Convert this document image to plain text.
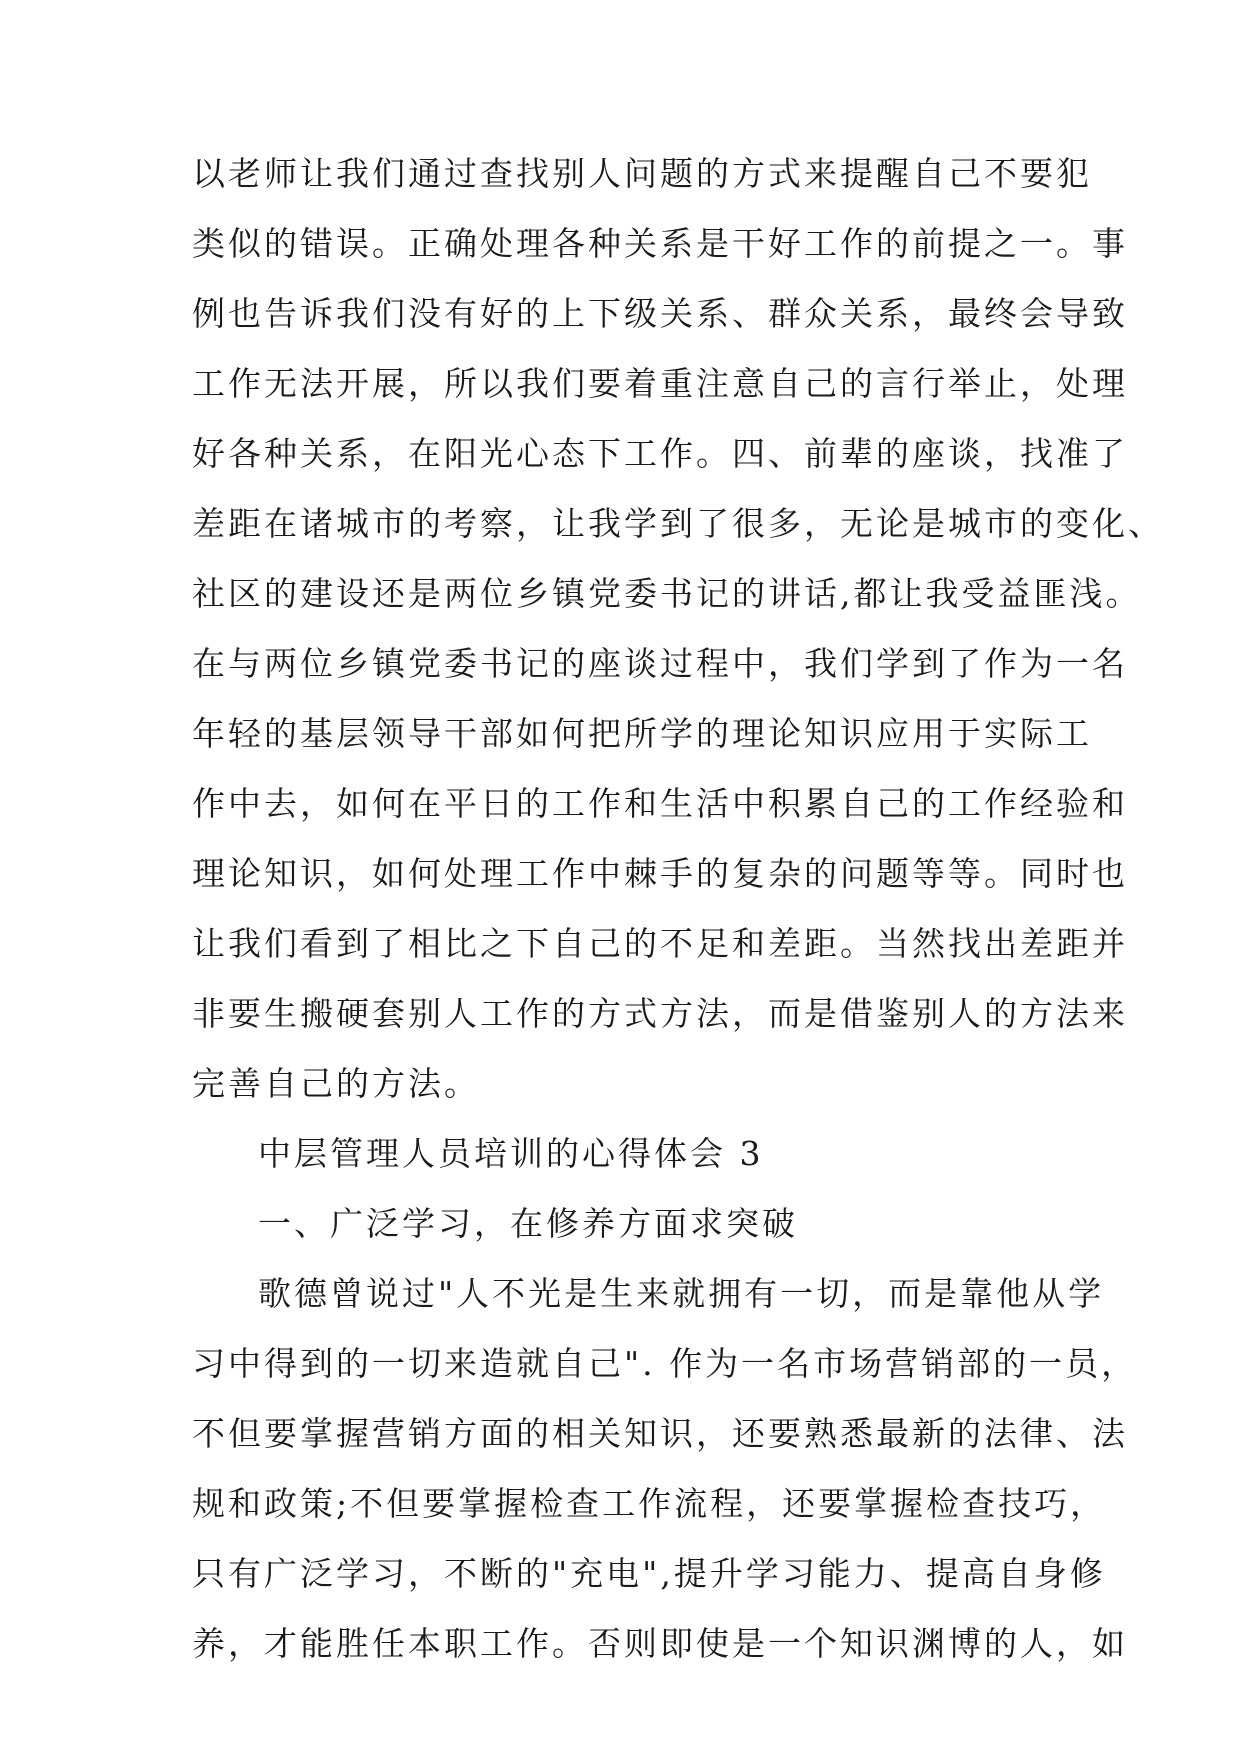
以老师让我们通过查找别人问题的方式来提醒自己不要犯
类似的错误。正确处理各种关系是干好工作的前提之一。事
例也告诉我们没有好的上下级关系、群众关系，最终会导致
工作无法开展，所以我们要着重注意自己的言行举止，处理
好各种关系，在阳光心态下工作。四、前辈的座谈，找准了
差距在诸城市的考察，让我学到了很多，无论是城市的变化、
社区的建设还是两位乡镇党委书记的讲话,都让我受益匪浅。
在与两位乡镇党委书记的座谈过程中，我们学到了作为一名
年轻的基层领导干部如何把所学的理论知识应用于实际工
作中去，如何在平日的工作和生活中积累自己的工作经验和
理论知识，如何处理工作中棘手的复杂的问题等等。同时也
让我们看到了相比之下自己的不足和差距。当然找出差距并
非要生搬硬套别人工作的方式方法，而是借鉴别人的方法来
完善自己的方法。
中层管理人员培训的心得体会 3
一、广泛学习，在修养方面求突破
歌德曾说过"人不光是生来就拥有一切，而是靠他从学
习中得到的一切来造就自己". 作为一名市场营销部的一员，
不但要掌握营销方面的相关知识，还要熟悉最新的法律、法
规和政策;不但要掌握检查工作流程，还要掌握检查技巧，
只有广泛学习，不断的"充电",提升学习能力、提高自身修
养，才能胜任本职工作。否则即使是一个知识渊博的人，如
